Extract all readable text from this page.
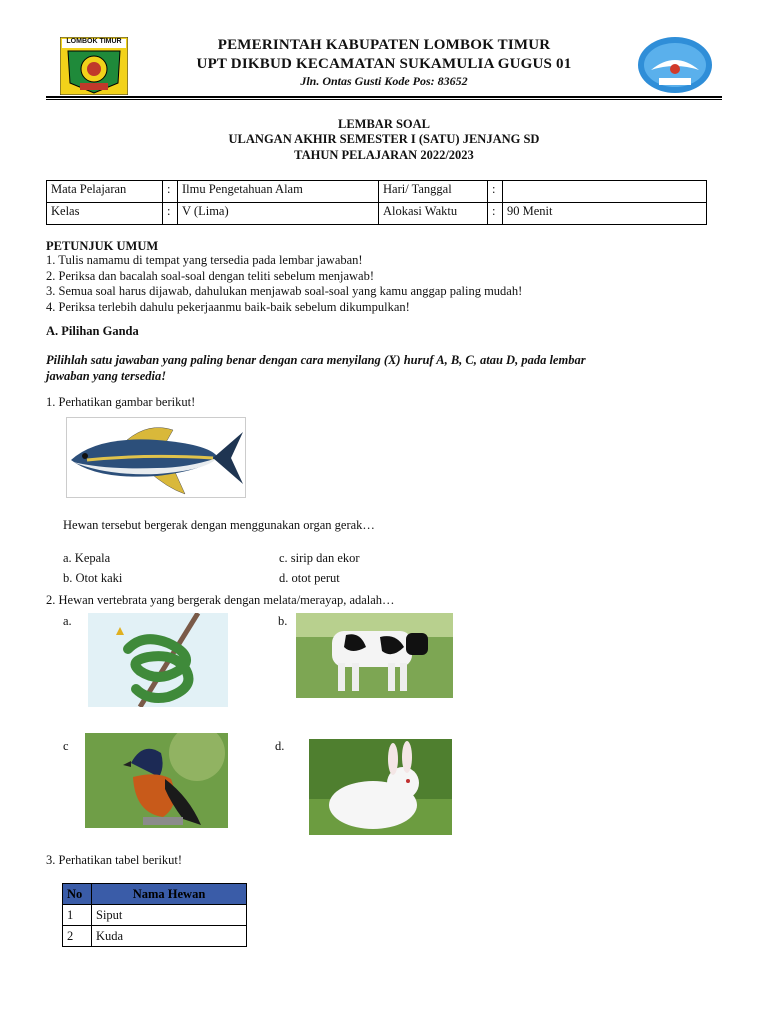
LOMBOK TIMUR	PEMERINTAH KABUPATEN LOMBOK TIMUR
UPT DIKBUD KECAMATAN SUKAMULIA GUGUS 01
Jln. Ontas Gusti Kode Pos: 83652
LEMBAR SOAL
ULANGAN AKHIR SEMESTER I (SATU) JENJANG SD
TAHUN PELAJARAN 2022/2023
Mata Pelajaran	:	Ilmu Pengetahuan Alam	Hari/ Tanggal	:	
Kelas	:	V (Lima)	Alokasi Waktu	:	90 Menit
PETUNJUK UMUM
1. Tulis namamu di tempat yang tersedia pada lembar jawaban!
2. Periksa dan bacalah soal-soal dengan teliti sebelum menjawab!
3. Semua soal harus dijawab, dahulukan menjawab soal-soal yang kamu anggap paling mudah!
4. Periksa terlebih dahulu pekerjaanmu baik-baik sebelum dikumpulkan!
A. Pilihan Ganda
Pilihlah satu jawaban yang paling benar dengan cara menyilang (X) huruf A, B, C, atau D, pada lembar
jawaban yang tersedia!
1. Perhatikan gambar berikut!
Hewan tersebut bergerak dengan menggunakan organ gerak…
a. Kepala	c. sirip dan ekor
b. Otot kaki	d. otot perut
2. Hewan vertebrata yang bergerak dengan melata/merayap, adalah…
a.	b.
c	d.
3. Perhatikan tabel berikut!
No	Nama Hewan
1	Siput
2	Kuda
